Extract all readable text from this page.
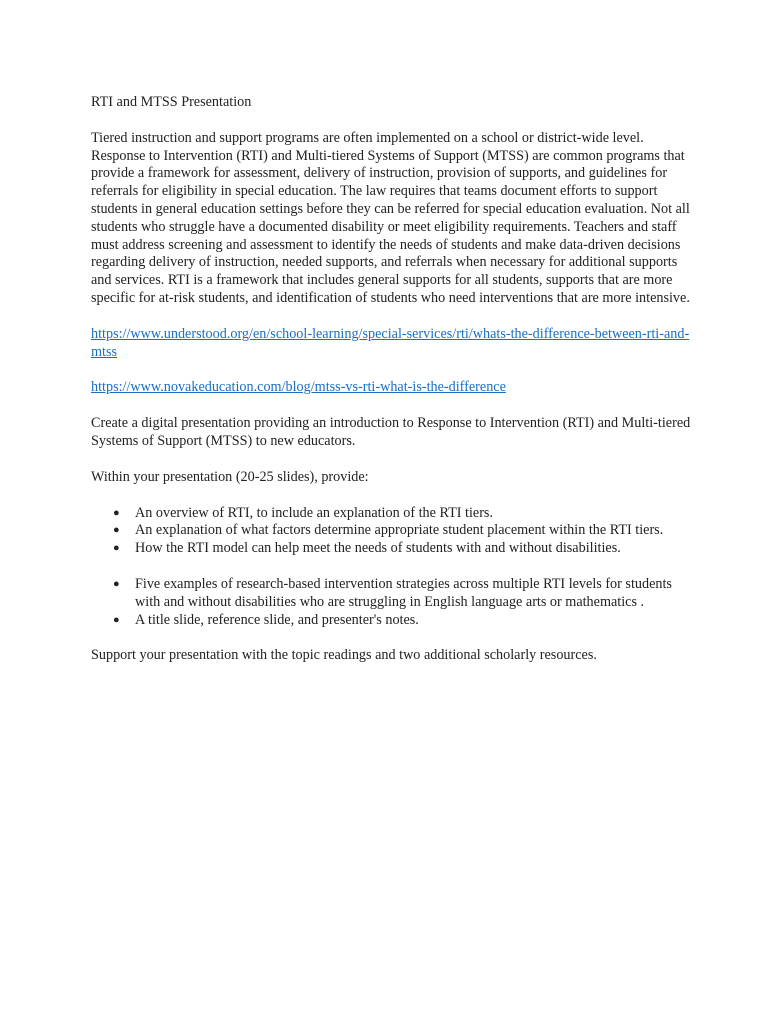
RTI and MTSS Presentation

Tiered instruction and support programs are often implemented on a school or district-wide level. Response to Intervention (RTI) and Multi-tiered Systems of Support (MTSS) are common programs that provide a framework for assessment, delivery of instruction, provision of supports, and guidelines for referrals for eligibility in special education. The law requires that teams document efforts to support students in general education settings before they can be referred for special education evaluation. Not all students who struggle have a documented disability or meet eligibility requirements. Teachers and staff must address screening and assessment to identify the needs of students and make data-driven decisions regarding delivery of instruction, needed supports, and referrals when necessary for additional supports and services. RTI is a framework that includes general supports for all students, supports that are more specific for at-risk students, and identification of students who need interventions that are more intensive.

https://www.understood.org/en/school-learning/special-services/rti/whats-the-difference-between-rti-and-mtss

https://www.novakeducation.com/blog/mtss-vs-rti-what-is-the-difference

Create a digital presentation providing an introduction to Response to Intervention (RTI) and Multi-tiered Systems of Support (MTSS) to new educators.

Within your presentation (20-25 slides), provide:

● An overview of RTI, to include an explanation of the RTI tiers.
● An explanation of what factors determine appropriate student placement within the RTI tiers.
● How the RTI model can help meet the needs of students with and without disabilities.
● Five examples of research-based intervention strategies across multiple RTI levels for students with and without disabilities who are struggling in English language arts or mathematics .
● A title slide, reference slide, and presenter's notes.

Support your presentation with the topic readings and two additional scholarly resources.
